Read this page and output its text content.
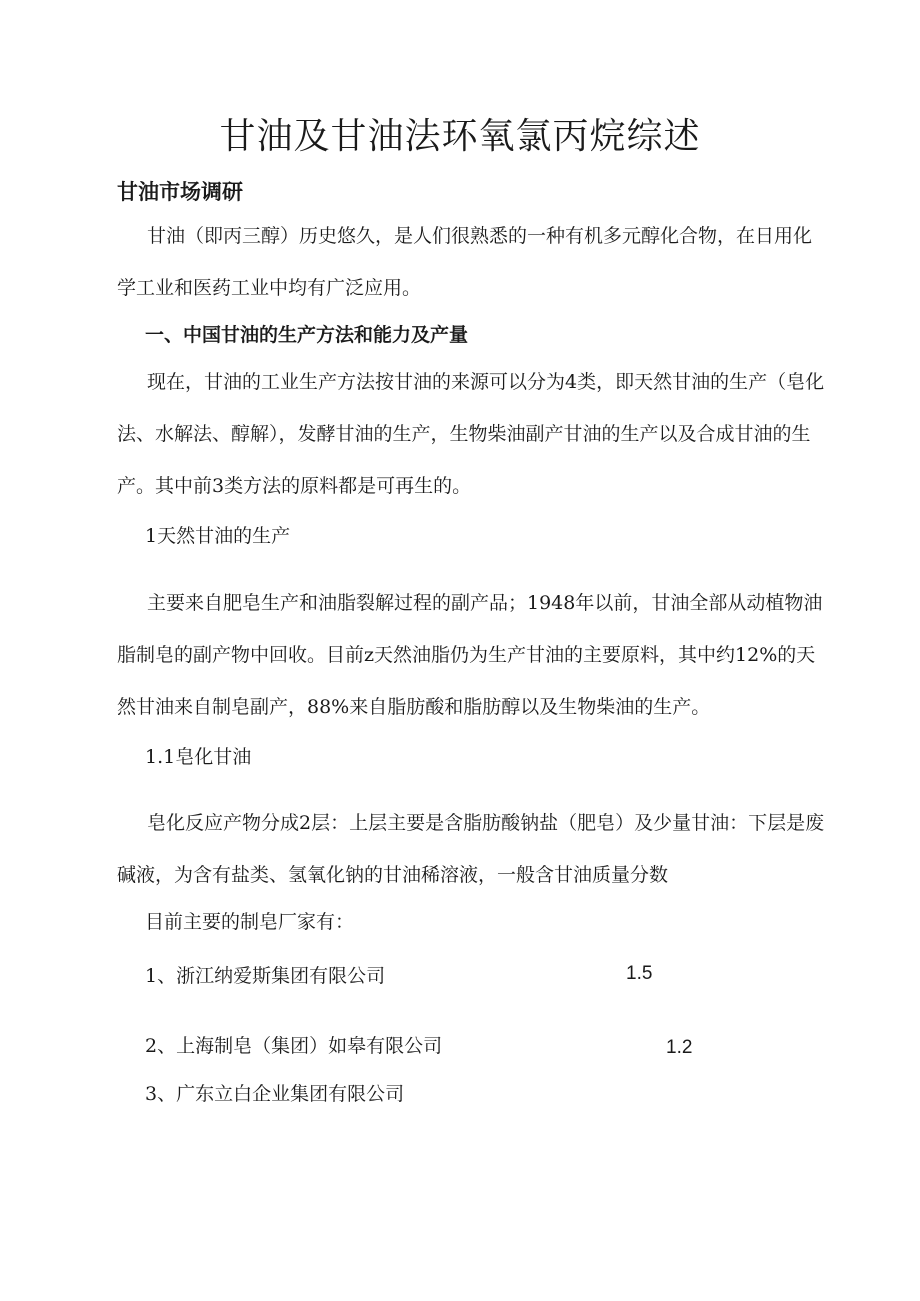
甘油及甘油法环氧氯丙烷综述
甘油市场调研
甘油（即丙三醇）历史悠久，是人们很熟悉的一种有机多元醇化合物，在日用化学工业和医药工业中均有广泛应用。
一、中国甘油的生产方法和能力及产量
现在，甘油的工业生产方法按甘油的来源可以分为4类，即天然甘油的生产（皂化法、水解法、醇解），发酵甘油的生产，生物柴油副产甘油的生产以及合成甘油的生产。其中前3类方法的原料都是可再生的。
1天然甘油的生产
主要来自肥皂生产和油脂裂解过程的副产品；1948年以前，甘油全部从动植物油脂制皂的副产物中回收。目前z天然油脂仍为生产甘油的主要原料，其中约12%的天然甘油来自制皂副产，88%来自脂肪酸和脂肪醇以及生物柴油的生产。
1.1皂化甘油
皂化反应产物分成2层：上层主要是含脂肪酸钠盐（肥皂）及少量甘油：下层是废碱液，为含有盐类、氢氧化钠的甘油稀溶液，一般含甘油质量分数
目前主要的制皂厂家有：
1、浙江纳爱斯集团有限公司	1.5
2、上海制皂（集团）如皋有限公司	1.2
3、广东立白企业集团有限公司
